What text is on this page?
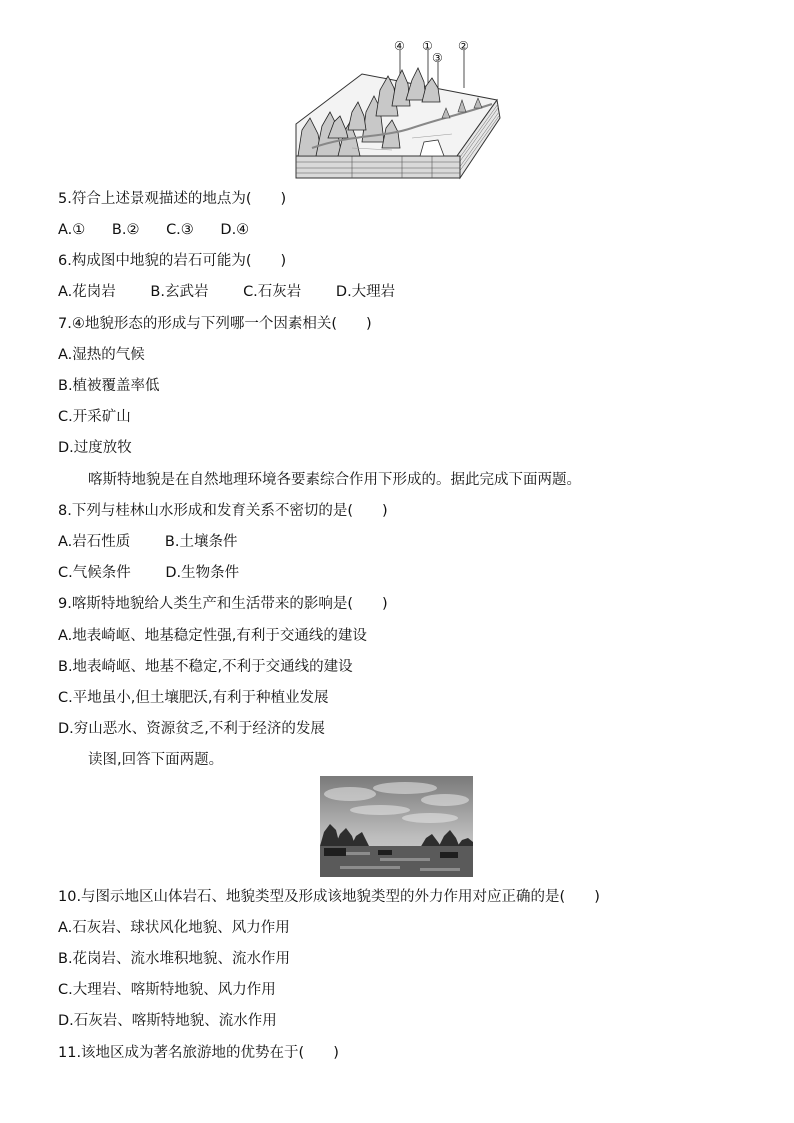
④ ①
③
②
5.符合上述景观描述的地点为(　　)
A.① B.② C.③ D.④
6.构成图中地貌的岩石可能为(　　)
A.花岗岩 B.玄武岩 C.石灰岩 D.大理岩
7.④地貌形态的形成与下列哪一个因素相关(　　)
A.湿热的气候
B.植被覆盖率低
C.开采矿山
D.过度放牧
喀斯特地貌是在自然地理环境各要素综合作用下形成的。据此完成下面两题。
8.下列与桂林山水形成和发育关系不密切的是(　　)
A.岩石性质 B.土壤条件
C.气候条件 D.生物条件
9.喀斯特地貌给人类生产和生活带来的影响是(　　)
A.地表崎岖、地基稳定性强,有利于交通线的建设
B.地表崎岖、地基不稳定,不利于交通线的建设
C.平地虽小,但土壤肥沃,有利于种植业发展
D.穷山恶水、资源贫乏,不利于经济的发展
读图,回答下面两题。
10.与图示地区山体岩石、地貌类型及形成该地貌类型的外力作用对应正确的是(　　)
A.石灰岩、球状风化地貌、风力作用
B.花岗岩、流水堆积地貌、流水作用
C.大理岩、喀斯特地貌、风力作用
D.石灰岩、喀斯特地貌、流水作用
11.该地区成为著名旅游地的优势在于(　　)
